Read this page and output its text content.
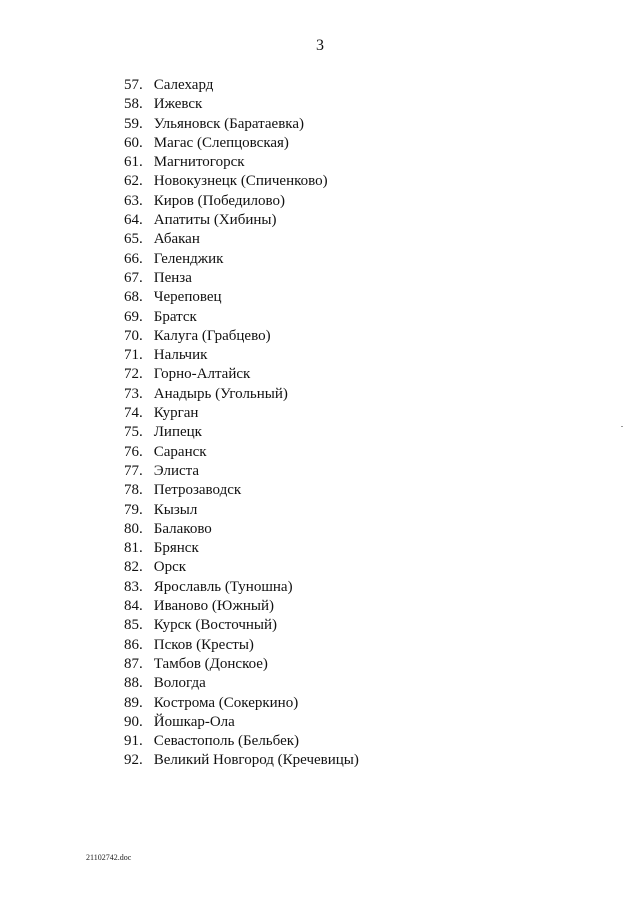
3
57. Салехард
58. Ижевск
59. Ульяновск (Баратаевка)
60. Магас (Слепцовская)
61. Магнитогорск
62. Новокузнецк (Спиченково)
63. Киров (Победилово)
64. Апатиты (Хибины)
65. Абакан
66. Геленджик
67. Пенза
68. Череповец
69. Братск
70. Калуга (Грабцево)
71. Нальчик
72. Горно-Алтайск
73. Анадырь (Угольный)
74. Курган
75. Липецк
76. Саранск
77. Элиста
78. Петрозаводск
79. Кызыл
80. Балаково
81. Брянск
82. Орск
83. Ярославль (Туношна)
84. Иваново (Южный)
85. Курск (Восточный)
86. Псков (Кресты)
87. Тамбов (Донское)
88. Вологда
89. Кострома (Сокеркино)
90. Йошкар-Ола
91. Севастополь (Бельбек)
92. Великий Новгород (Кречевицы)
21102742.doc
